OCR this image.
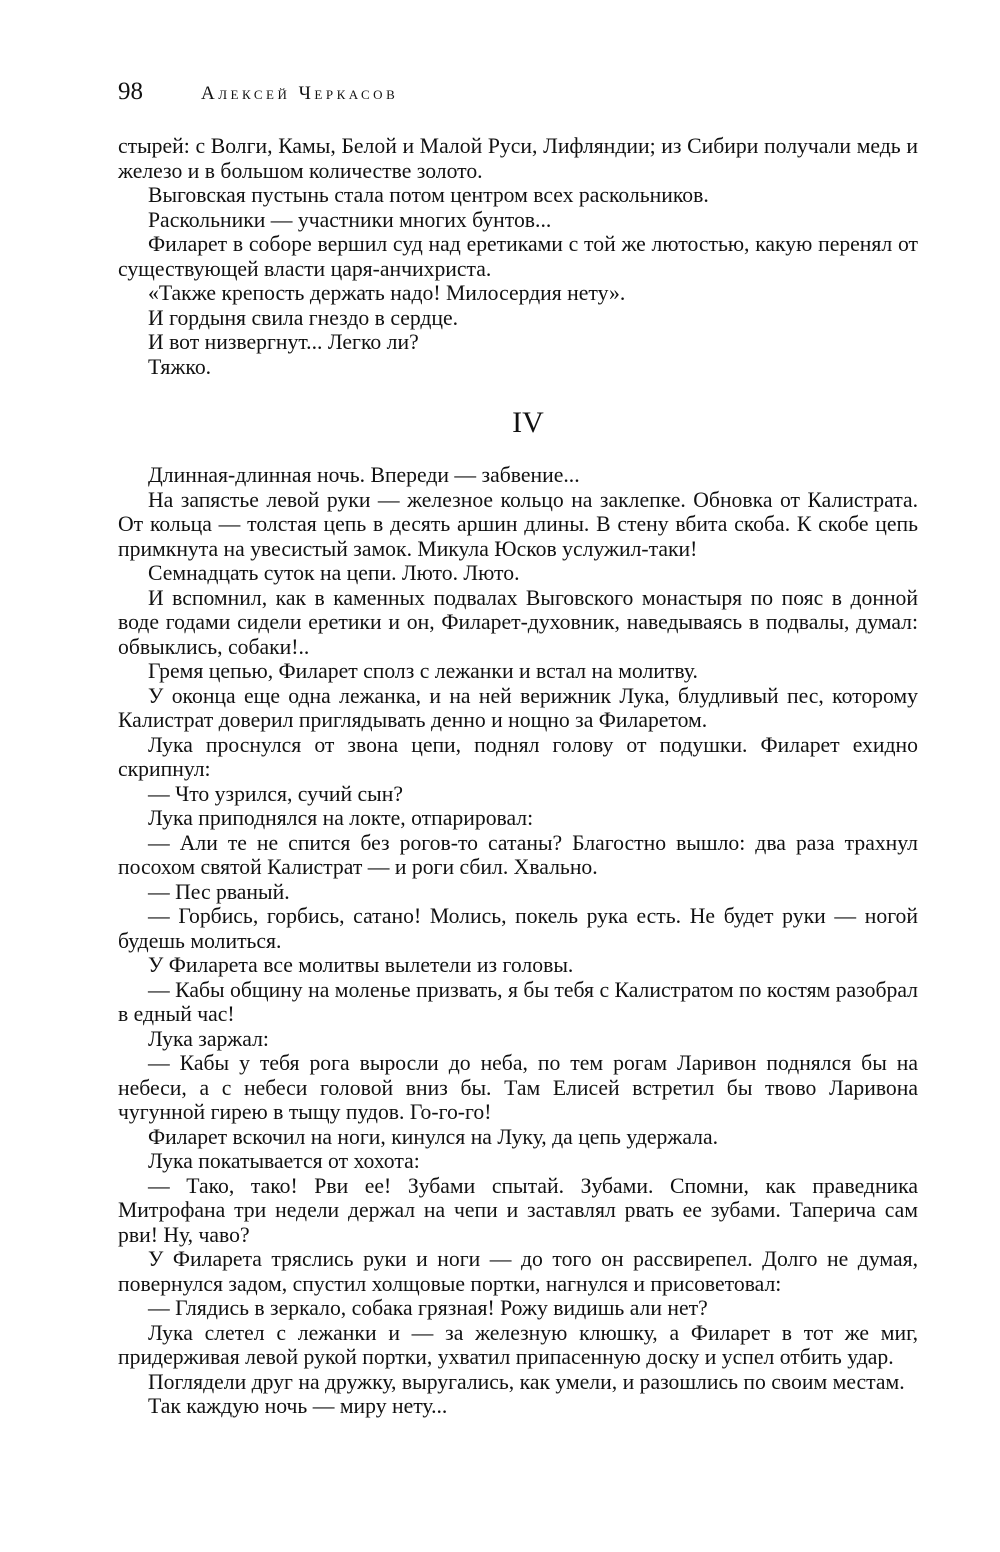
98	Алексей Черкасов

стырей: с Волги, Камы, Белой и Малой Руси, Лифляндии; из Сибири получали медь и железо и в большом количестве золото.

Выговская пустынь стала потом центром всех раскольников.

Раскольники — участники многих бунтов...

Филарет в соборе вершил суд над еретиками с той же лютостью, какую перенял от существующей власти царя-анчихриста.

«Также крепость держать надо! Милосердия нету».

И гордыня свила гнездо в сердце.

И вот низвергнут... Легко ли?

Тяжко.

IV

Длинная-длинная ночь. Впереди — забвение...

На запястье левой руки — железное кольцо на заклепке. Обновка от Калистрата. От кольца — толстая цепь в десять аршин длины. В стену вбита скоба. К скобе цепь примкнута на увесистый замок. Микула Юсков услужил-таки!

Семнадцать суток на цепи. Люто. Люто.

И вспомнил, как в каменных подвалах Выговского монастыря по пояс в донной воде годами сидели еретики и он, Филарет-духовник, наведываясь в подвалы, думал: обвыклись, собаки!..

Гремя цепью, Филарет сполз с лежанки и встал на молитву.

У оконца еще одна лежанка, и на ней верижник Лука, блудливый пес, которому Калистрат доверил приглядывать денно и нощно за Филаретом.

Лука проснулся от звона цепи, поднял голову от подушки. Филарет ехидно скрипнул:

— Что узрился, сучий сын?

Лука приподнялся на локте, отпарировал:

— Али те не спится без рогов-то сатаны? Благостно вышло: два раза трахнул посохом святой Калистрат — и роги сбил. Хвально.

— Пес рваный.

— Горбись, горбись, сатано! Молись, покель рука есть. Не будет руки — ногой будешь молиться.

У Филарета все молитвы вылетели из головы.

— Кабы общину на моленье призвать, я бы тебя с Калистратом по костям разобрал в едный час!

Лука заржал:

— Кабы у тебя рога выросли до неба, по тем рогам Ларивон поднялся бы на небеси, а с небеси головой вниз бы. Там Елисей встретил бы твово Ларивона чугунной гирею в тыщу пудов. Го-го-го!

Филарет вскочил на ноги, кинулся на Луку, да цепь удержала.

Лука покатывается от хохота:

— Тако, тако! Рви ее! Зубами спытай. Зубами. Спомни, как праведника Митрофана три недели держал на чепи и заставлял рвать ее зубами. Таперича сам рви! Ну, чаво?

У Филарета тряслись руки и ноги — до того он рассвирепел. Долго не думая, повернулся задом, спустил холщовые портки, нагнулся и присоветовал:

— Глядись в зеркало, собака грязная! Рожу видишь али нет?

Лука слетел с лежанки и — за железную клюшку, а Филарет в тот же миг, придерживая левой рукой портки, ухватил припасенную доску и успел отбить удар.

Поглядели друг на дружку, выругались, как умели, и разошлись по своим местам.

Так каждую ночь — миру нету...
